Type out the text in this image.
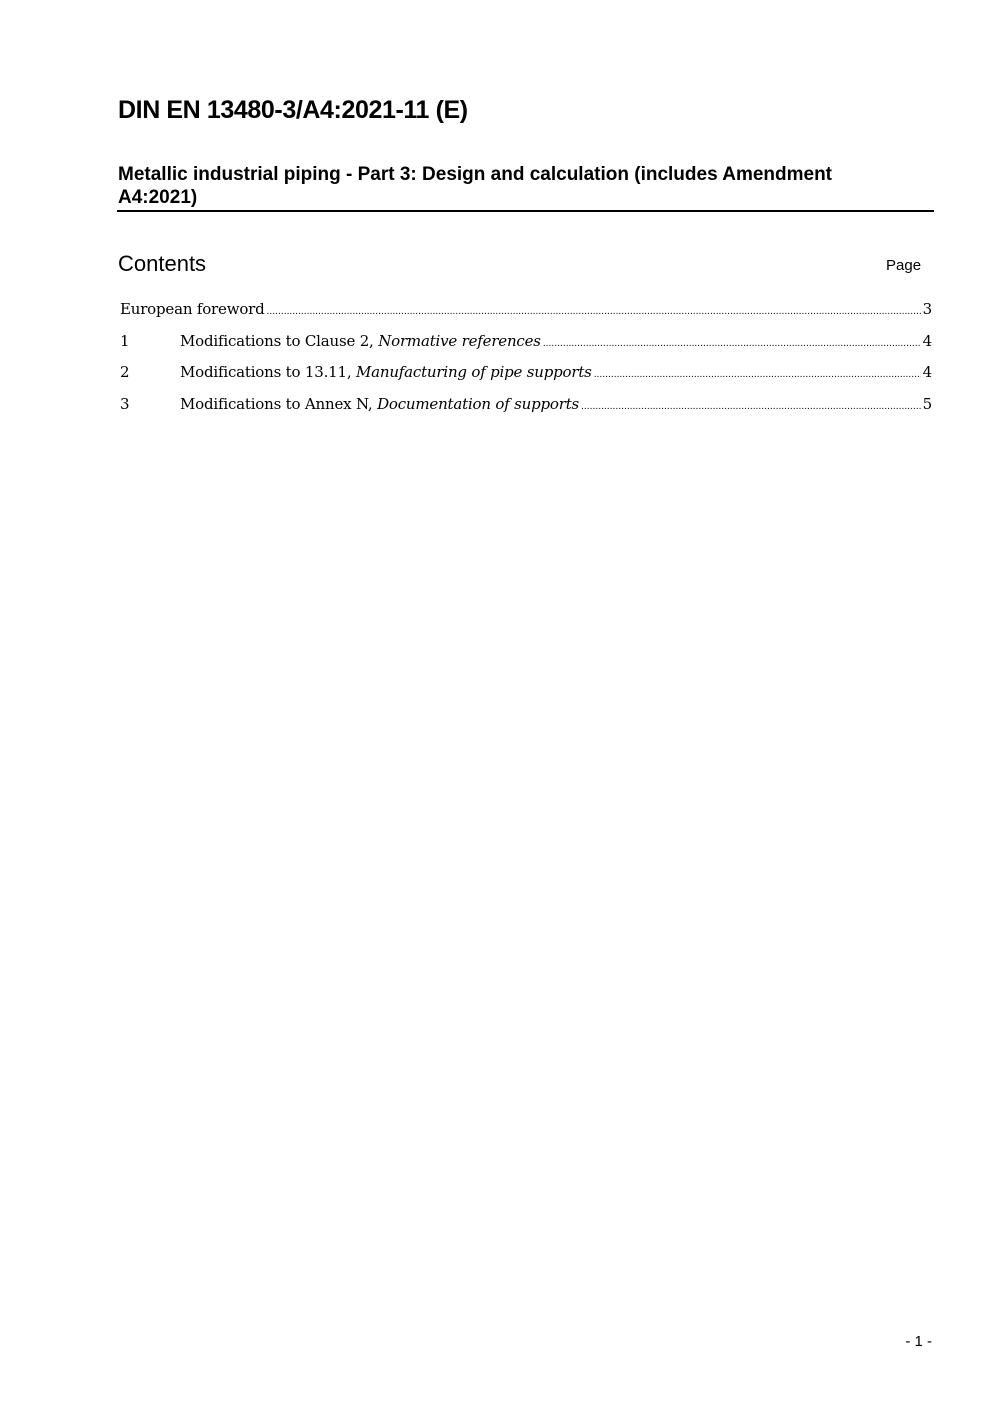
DIN EN 13480-3/A4:2021-11 (E)
Metallic industrial piping - Part 3: Design and calculation (includes Amendment A4:2021)
Contents	Page
European foreword .....	3
1	Modifications to Clause 2, Normative references .....	4
2	Modifications to 13.11, Manufacturing of pipe supports .....	4
3	Modifications to Annex N, Documentation of supports .....	5
- 1 -
